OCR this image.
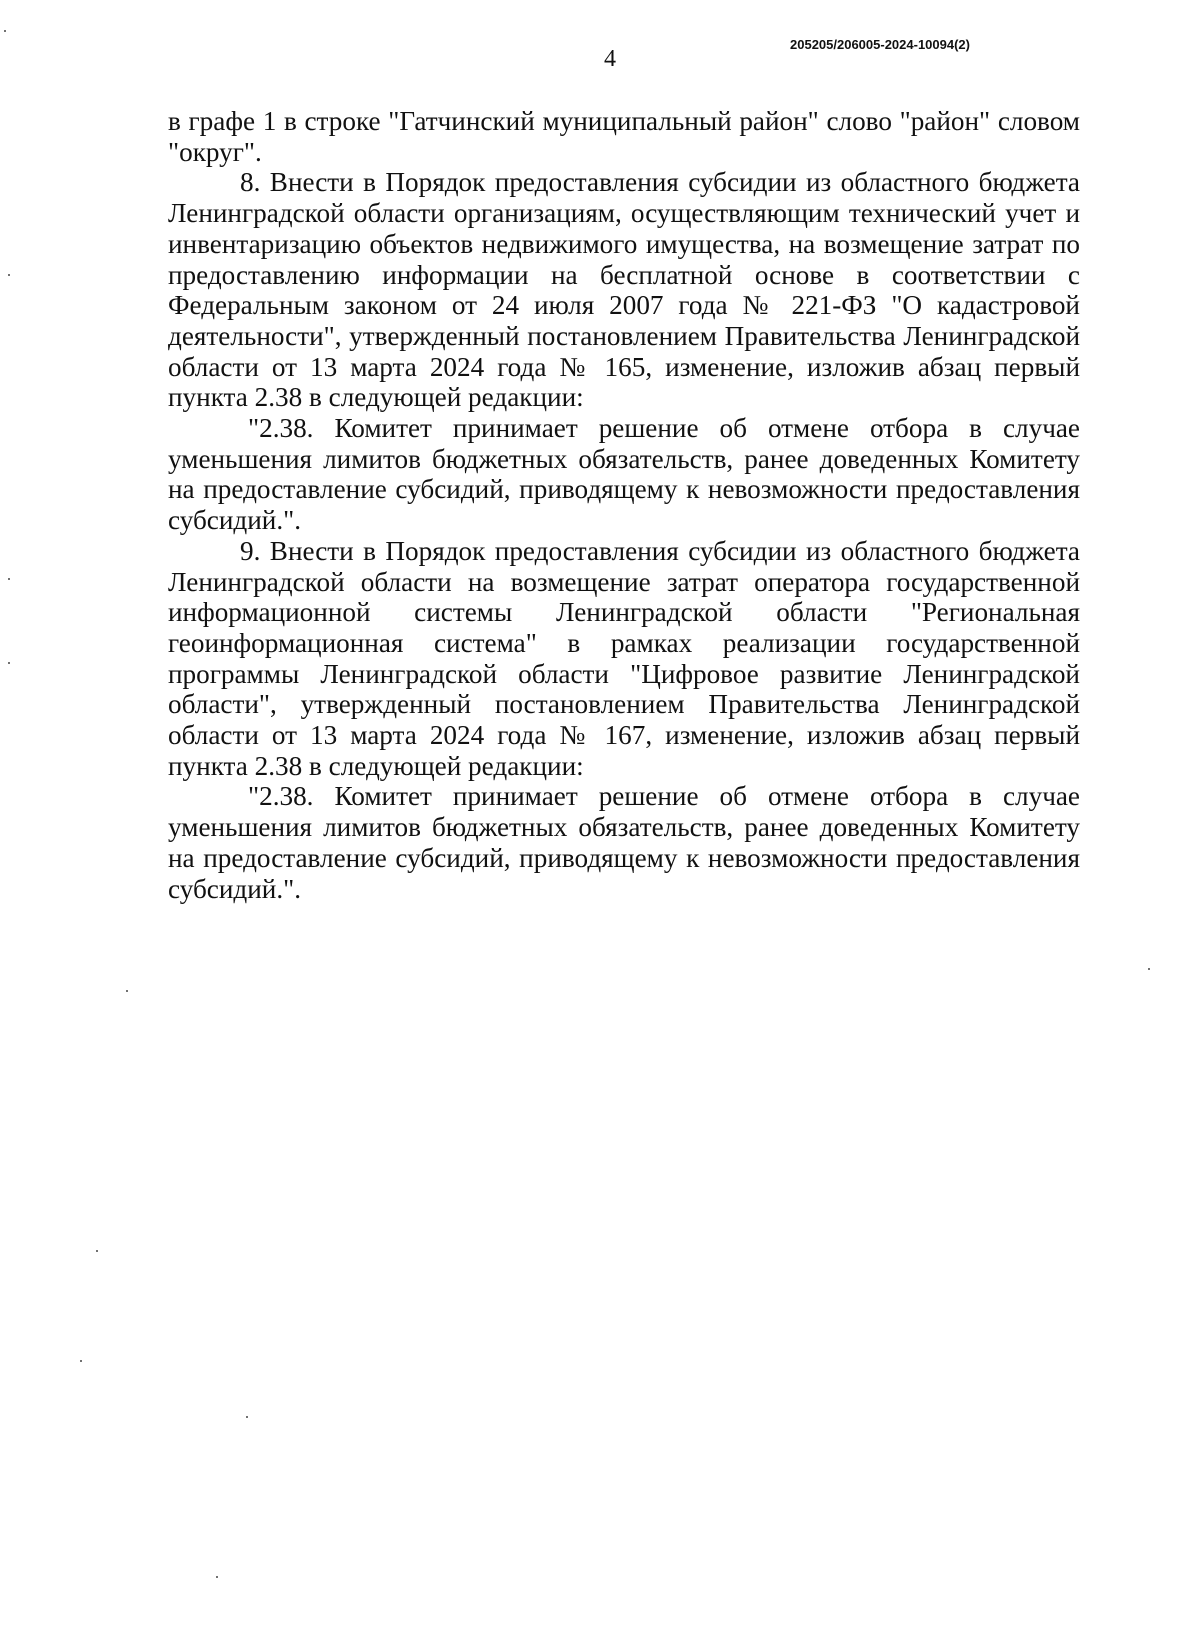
4
205205/206005-2024-10094(2)

в графе 1 в строке "Гатчинский муниципальный район" слово "район" словом "округ".

8. Внести в Порядок предоставления субсидии из областного бюджета Ленинградской области организациям, осуществляющим технический учет и инвентаризацию объектов недвижимого имущества, на возмещение затрат по предоставлению информации на бесплатной основе в соответствии с Федеральным законом от 24 июля 2007 года № 221-ФЗ "О кадастровой деятельности", утвержденный постановлением Правительства Ленинградской области от 13 марта 2024 года № 165, изменение, изложив абзац первый пункта 2.38 в следующей редакции:

"2.38. Комитет принимает решение об отмене отбора в случае уменьшения лимитов бюджетных обязательств, ранее доведенных Комитету на предоставление субсидий, приводящему к невозможности предоставления субсидий.".

9. Внести в Порядок предоставления субсидии из областного бюджета Ленинградской области на возмещение затрат оператора государственной информационной системы Ленинградской области "Региональная геоинформационная система" в рамках реализации государственной программы Ленинградской области "Цифровое развитие Ленинградской области", утвержденный постановлением Правительства Ленинградской области от 13 марта 2024 года № 167, изменение, изложив абзац первый пункта 2.38 в следующей редакции:

"2.38. Комитет принимает решение об отмене отбора в случае уменьшения лимитов бюджетных обязательств, ранее доведенных Комитету на предоставление субсидий, приводящему к невозможности предоставления субсидий.".
